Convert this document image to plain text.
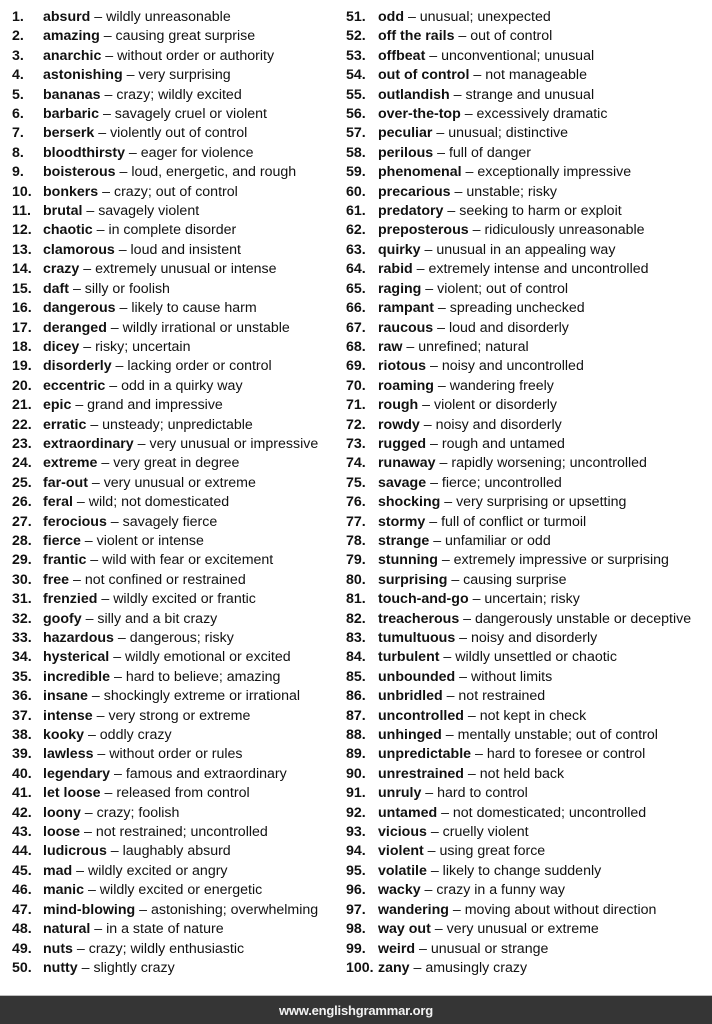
1.	absurd – wildly unreasonable
2.	amazing – causing great surprise
3.	anarchic – without order or authority
4.	astonishing – very surprising
5.	bananas – crazy; wildly excited
6.	barbaric – savagely cruel or violent
7.	berserk – violently out of control
8.	bloodthirsty – eager for violence
9.	boisterous – loud, energetic, and rough
10. bonkers – crazy; out of control
11. brutal – savagely violent
12. chaotic – in complete disorder
13. clamorous – loud and insistent
14. crazy – extremely unusual or intense
15. daft – silly or foolish
16. dangerous – likely to cause harm
17. deranged – wildly irrational or unstable
18. dicey – risky; uncertain
19. disorderly – lacking order or control
20. eccentric – odd in a quirky way
21. epic – grand and impressive
22. erratic – unsteady; unpredictable
23. extraordinary – very unusual or impressive
24. extreme – very great in degree
25. far-out – very unusual or extreme
26. feral – wild; not domesticated
27. ferocious – savagely fierce
28. fierce – violent or intense
29. frantic – wild with fear or excitement
30. free – not confined or restrained
31. frenzied – wildly excited or frantic
32. goofy – silly and a bit crazy
33. hazardous – dangerous; risky
34. hysterical – wildly emotional or excited
35. incredible – hard to believe; amazing
36. insane – shockingly extreme or irrational
37. intense – very strong or extreme
38. kooky – oddly crazy
39. lawless – without order or rules
40. legendary – famous and extraordinary
41. let loose – released from control
42. loony – crazy; foolish
43. loose – not restrained; uncontrolled
44. ludicrous – laughably absurd
45. mad – wildly excited or angry
46. manic – wildly excited or energetic
47. mind-blowing – astonishing; overwhelming
48. natural – in a state of nature
49. nuts – crazy; wildly enthusiastic
50. nutty – slightly crazy
51. odd – unusual; unexpected
52. off the rails – out of control
53. offbeat – unconventional; unusual
54. out of control – not manageable
55. outlandish – strange and unusual
56. over-the-top – excessively dramatic
57. peculiar – unusual; distinctive
58. perilous – full of danger
59. phenomenal – exceptionally impressive
60. precarious – unstable; risky
61. predatory – seeking to harm or exploit
62. preposterous – ridiculously unreasonable
63. quirky – unusual in an appealing way
64. rabid – extremely intense and uncontrolled
65. raging – violent; out of control
66. rampant – spreading unchecked
67. raucous – loud and disorderly
68. raw – unrefined; natural
69. riotous – noisy and uncontrolled
70. roaming – wandering freely
71. rough – violent or disorderly
72. rowdy – noisy and disorderly
73. rugged – rough and untamed
74. runaway – rapidly worsening; uncontrolled
75. savage – fierce; uncontrolled
76. shocking – very surprising or upsetting
77. stormy – full of conflict or turmoil
78. strange – unfamiliar or odd
79. stunning – extremely impressive or surprising
80. surprising – causing surprise
81. touch-and-go – uncertain; risky
82. treacherous – dangerously unstable or deceptive
83. tumultuous – noisy and disorderly
84. turbulent – wildly unsettled or chaotic
85. unbounded – without limits
86. unbridled – not restrained
87. uncontrolled – not kept in check
88. unhinged – mentally unstable; out of control
89. unpredictable – hard to foresee or control
90. unrestrained – not held back
91. unruly – hard to control
92. untamed – not domesticated; uncontrolled
93. vicious – cruelly violent
94. violent – using great force
95. volatile – likely to change suddenly
96. wacky – crazy in a funny way
97. wandering – moving about without direction
98. way out – very unusual or extreme
99. weird – unusual or strange
100. zany – amusingly crazy
www.englishgrammar.org
